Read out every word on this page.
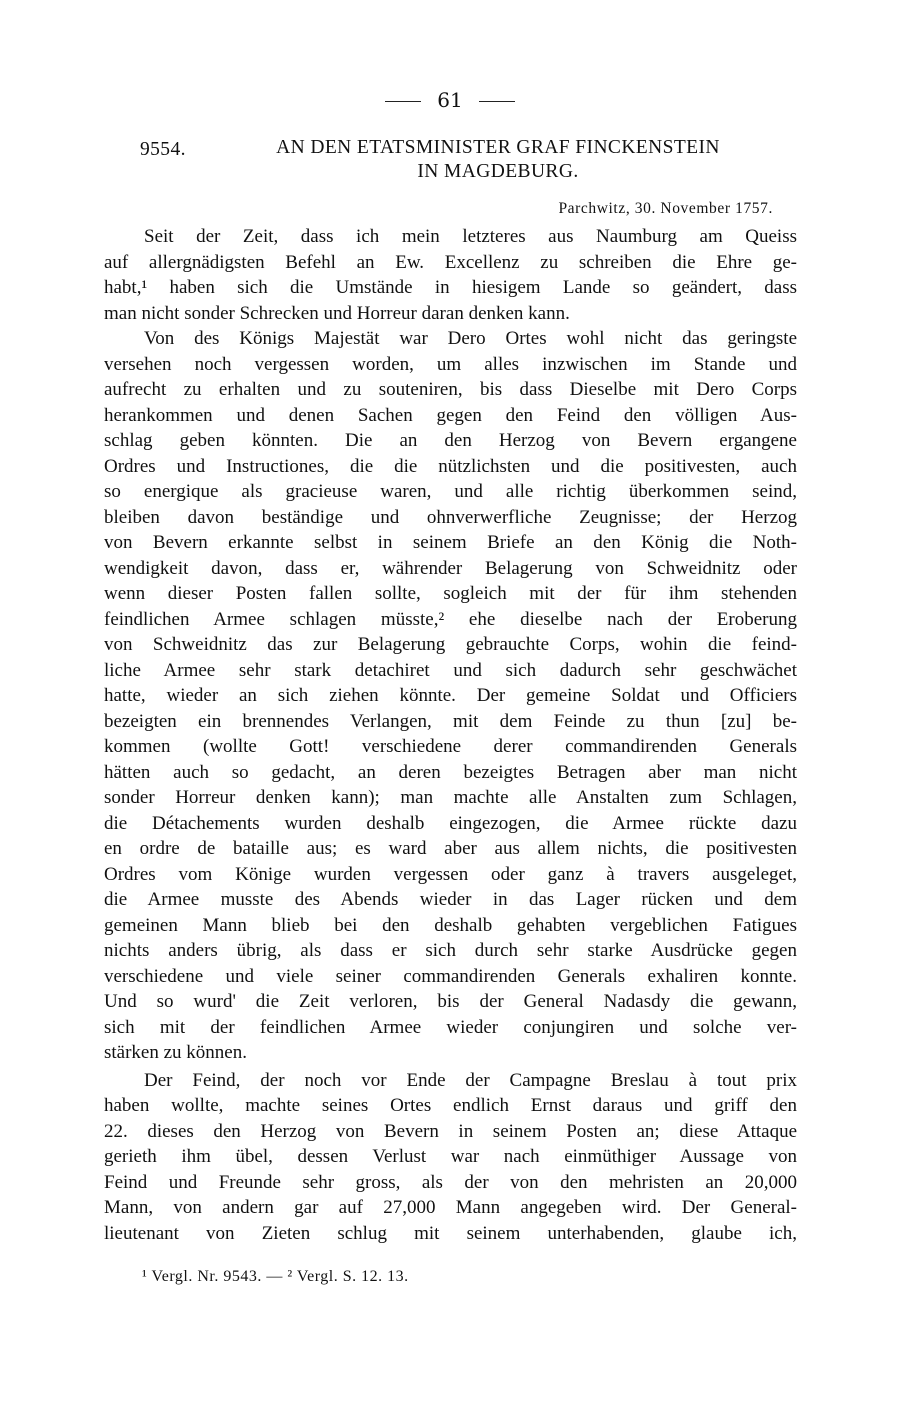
61
9554.	AN DEN ETATSMINISTER GRAF FINCKENSTEIN
IN MAGDEBURG.
Parchwitz, 30. November 1757.
Seit der Zeit, dass ich mein letzteres aus Naumburg am Queiss
auf allergnädigsten Befehl an Ew. Excellenz zu schreiben die Ehre ge-
habt,¹ haben sich die Umstände in hiesigem Lande so geändert, dass
man nicht sonder Schrecken und Horreur daran denken kann.
Von des Königs Majestät war Dero Ortes wohl nicht das geringste
versehen noch vergessen worden, um alles inzwischen im Stande und
aufrecht zu erhalten und zu souteniren, bis dass Dieselbe mit Dero Corps
herankommen und denen Sachen gegen den Feind den völligen Aus-
schlag geben könnten. Die an den Herzog von Bevern ergangene
Ordres und Instructiones, die die nützlichsten und die positivesten, auch
so energique als gracieuse waren, und alle richtig überkommen seind,
bleiben davon beständige und ohnverwerfliche Zeugnisse; der Herzog
von Bevern erkannte selbst in seinem Briefe an den König die Noth-
wendigkeit davon, dass er, währender Belagerung von Schweidnitz oder
wenn dieser Posten fallen sollte, sogleich mit der für ihm stehenden
feindlichen Armee schlagen müsste,² ehe dieselbe nach der Eroberung
von Schweidnitz das zur Belagerung gebrauchte Corps, wohin die feind-
liche Armee sehr stark detachiret und sich dadurch sehr geschwächet
hatte, wieder an sich ziehen könnte. Der gemeine Soldat und Officiers
bezeigten ein brennendes Verlangen, mit dem Feinde zu thun [zu] be-
kommen (wollte Gott! verschiedene derer commandirenden Generals
hätten auch so gedacht, an deren bezeigtes Betragen aber man nicht
sonder Horreur denken kann); man machte alle Anstalten zum Schlagen,
die Détachements wurden deshalb eingezogen, die Armee rückte dazu
en ordre de bataille aus; es ward aber aus allem nichts, die positivesten
Ordres vom Könige wurden vergessen oder ganz à travers ausgeleget,
die Armee musste des Abends wieder in das Lager rücken und dem
gemeinen Mann blieb bei den deshalb gehabten vergeblichen Fatigues
nichts anders übrig, als dass er sich durch sehr starke Ausdrücke gegen
verschiedene und viele seiner commandirenden Generals exhaliren konnte.
Und so wurd' die Zeit verloren, bis der General Nadasdy die gewann,
sich mit der feindlichen Armee wieder conjungiren und solche ver-
stärken zu können.
Der Feind, der noch vor Ende der Campagne Breslau à tout prix
haben wollte, machte seines Ortes endlich Ernst daraus und griff den
22. dieses den Herzog von Bevern in seinem Posten an; diese Attaque
gerieth ihm übel, dessen Verlust war nach einmüthiger Aussage von
Feind und Freunde sehr gross, als der von den mehristen an 20,000
Mann, von andern gar auf 27,000 Mann angegeben wird. Der General-
lieutenant von Zieten schlug mit seinem unterhabenden, glaube ich,
¹ Vergl. Nr. 9543. — ² Vergl. S. 12. 13.
